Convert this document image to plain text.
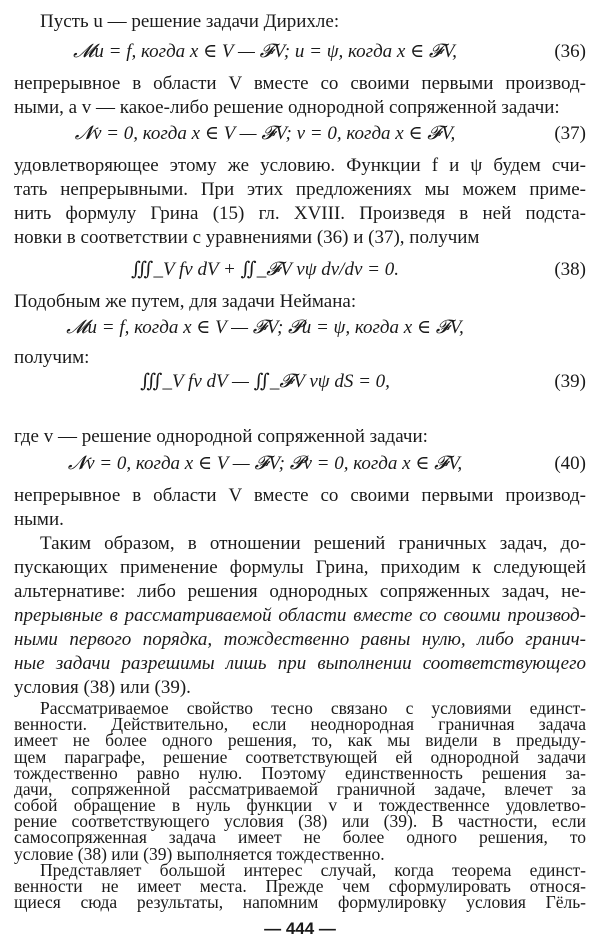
Пусть u — решение задачи Дирихле:
𝓜u = f, когда x ∈ V — 𝓕V; u = ψ, когда x ∈ 𝓕V,	(36)
непрерывное в области V вместе со своими первыми производ-
ными, а v — какое-либо решение однородной сопряженной задачи:
𝓝v = 0, когда x ∈ V — 𝓕V; v = 0, когда x ∈ 𝓕V,	(37)
удовлетворяющее этому же условию. Функции f и ψ будем счи-
тать непрерывными. При этих предложениях мы можем приме-
нить формулу Грина (15) гл. XVIII. Произведя в ней подста-
новки в соответствии с уравнениями (36) и (37), получим
∭_V fv dV + ∬_𝓕V vψ dv/dν = 0.	(38)
Подобным же путем, для задачи Неймана:
𝓜u = f, когда x ∈ V — 𝓕V; 𝓟u = ψ, когда x ∈ 𝓕V,
получим:
∭_V fv dV — ∬_𝓕V vψ dS = 0,	(39)
где v — решение однородной сопряженной задачи:
𝓝v = 0, когда x ∈ V — 𝓕V; 𝓟v = 0, когда x ∈ 𝓕V,	(40)
непрерывное в области V вместе со своими первыми производ-
ными.
Таким образом, в отношении решений граничных задач, до-
пускающих применение формулы Грина, приходим к следующей
альтернативе: либо решения однородных сопряженных задач, не-
прерывные в рассматриваемой области вместе со своими производ-
ными первого порядка, тождественно равны нулю, либо гранич-
ные задачи разрешимы лишь при выполнении соответствующего
условия (38) или (39).
Рассматриваемое свойство тесно связано с условиями единст-
венности. Действительно, если неоднородная граничная задача
имеет не более одного решения, то, как мы видели в предыду-
щем параграфе, решение соответствующей ей однородной задачи
тождественно равно нулю. Поэтому единственность решения за-
дачи, сопряженной рассматриваемой граничной задаче, влечет за
собой обращение в нуль функции v и тождественнсе удовлетво-
рение соответствующего условия (38) или (39). В частности, если
— 444 —
самосопряженная задача имеет не более одного решения, то
условие (38) или (39) выполняется тождественно.
Представляет большой интерес случай, когда теорема единст-
венности не имеет места. Прежде чем сформулировать относя-
щиеся сюда результаты, напомним формулировку условия Гёль-
